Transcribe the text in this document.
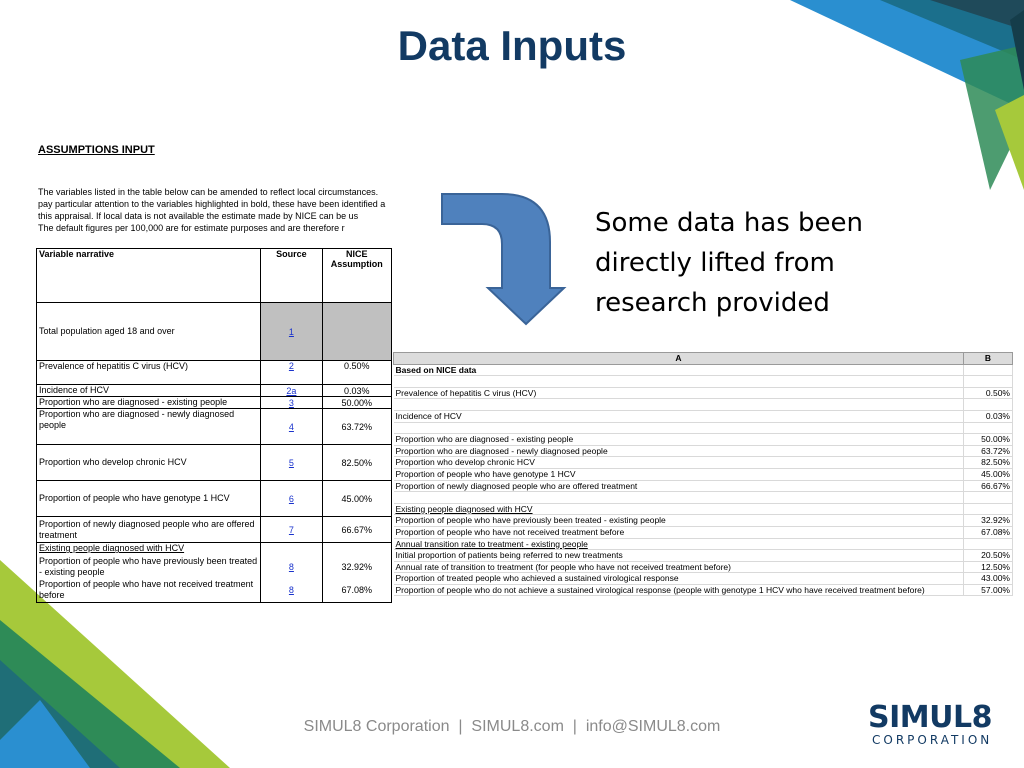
Data Inputs
ASSUMPTIONS INPUT
The variables listed in the table below can be amended to reflect local circumstances.
pay particular attention to the variables highlighted in bold, these have been identified a
this appraisal. If local data is not available the estimate made by NICE can be us
The default figures per 100,000 are for estimate purposes and are therefore r
Variable narrative	Source	NICE Assumption
Total population aged 18 and over	1	
Prevalence of hepatitis C virus (HCV)	2	0.50%
Incidence of HCV	2a	0.03%
Proportion who are diagnosed - existing people	3	50.00%
Proportion who are diagnosed - newly diagnosed people	4	63.72%
Proportion who develop chronic HCV	5	82.50%
Proportion of people who have genotype 1 HCV	6	45.00%
Proportion of newly diagnosed people who are offered treatment	7	66.67%
Existing people diagnosed with HCV		
Proportion of people who have previously been treated - existing people	8	32.92%
Proportion of people who have not received treatment before	8	67.08%
Some data has been
directly lifted from
research provided
A	B
Based on NICE data	

Prevalence of hepatitis C virus (HCV)	0.50%

Incidence of HCV	0.03%

Proportion who are diagnosed - existing people	50.00%
Proportion who are diagnosed - newly diagnosed people	63.72%
Proportion who develop chronic HCV	82.50%
Proportion of people who have genotype 1 HCV	45.00%
Proportion of newly diagnosed people who are offered treatment	66.67%

Existing people diagnosed with HCV	
Proportion of people who have previously been treated - existing people	32.92%
Proportion of people who have not received treatment before	67.08%
Annual transition rate to treatment - existing people	
Initial proportion of patients being referred to new treatments	20.50%
Annual rate of transition to treatment (for people who have not received treatment before)	12.50%
Proportion of treated people who achieved a sustained virological response	43.00%
Proportion of people who do not achieve a sustained virological response (people with genotype 1 HCV who have received treatment before)	57.00%
SIMUL8 Corporation  |  SIMUL8.com  |  info@SIMUL8.com	SIMUL8
CORPORATION
